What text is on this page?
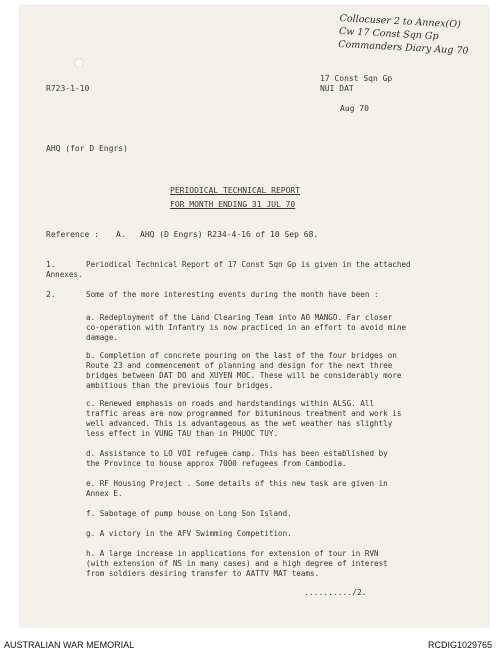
Collocuser 2 to Annex(O)
Cw 17 Const Sqn Gp
Commanders Diary Aug 70
R723-1-10
17 Const Sqn Gp
NUI DAT
Aug 70
AHQ (for D Engrs)
PERIODICAL TECHNICAL REPORT
FOR MONTH ENDING 31 JUL 70
Reference : A. AHQ (D Engrs) R234-4-16 of 10 Sep 68.
1.	Periodical Technical Report of 17 Const Sqn Gp is given in the attached
Annexes.
2.	Some of the more interesting events during the month have been :
a. Redeployment of the Land Clearing Team into AO MANGO. Far closer
co-operation with Infantry is now practiced in an effort to avoid mine
damage.
b. Completion of concrete pouring on the last of the four bridges on
Route 23 and commencement of planning and design for the next three
bridges between DAT DO and XUYEN MOC. These will be considerably more
ambitious than the previous four bridges.
c. Renewed emphasis on roads and hardstandings within ALSG. All
traffic areas are now programmed for bituminous treatment and work is
well advanced. This is advantageous as the wet weather has slightly
less effect in VUNG TAU than in PHUOC TUY.
d. Assistance to LO VOI refugee camp. This has been established by
the Province to house approx 7000 refugees from Cambodia.
e. RF Housing Project . Some details of this new task are given in
Annex E.
f. Sabotage of pump house on Long Son Island.
g. A victory in the AFV Swimming Competition.
h. A large increase in applications for extension of tour in RVN
(with extension of NS in many cases) and a high degree of interest
from soldiers desiring transfer to AATTV MAT teams.
........../2.
AUSTRALIAN WAR MEMORIAL	RCDIG1029765
